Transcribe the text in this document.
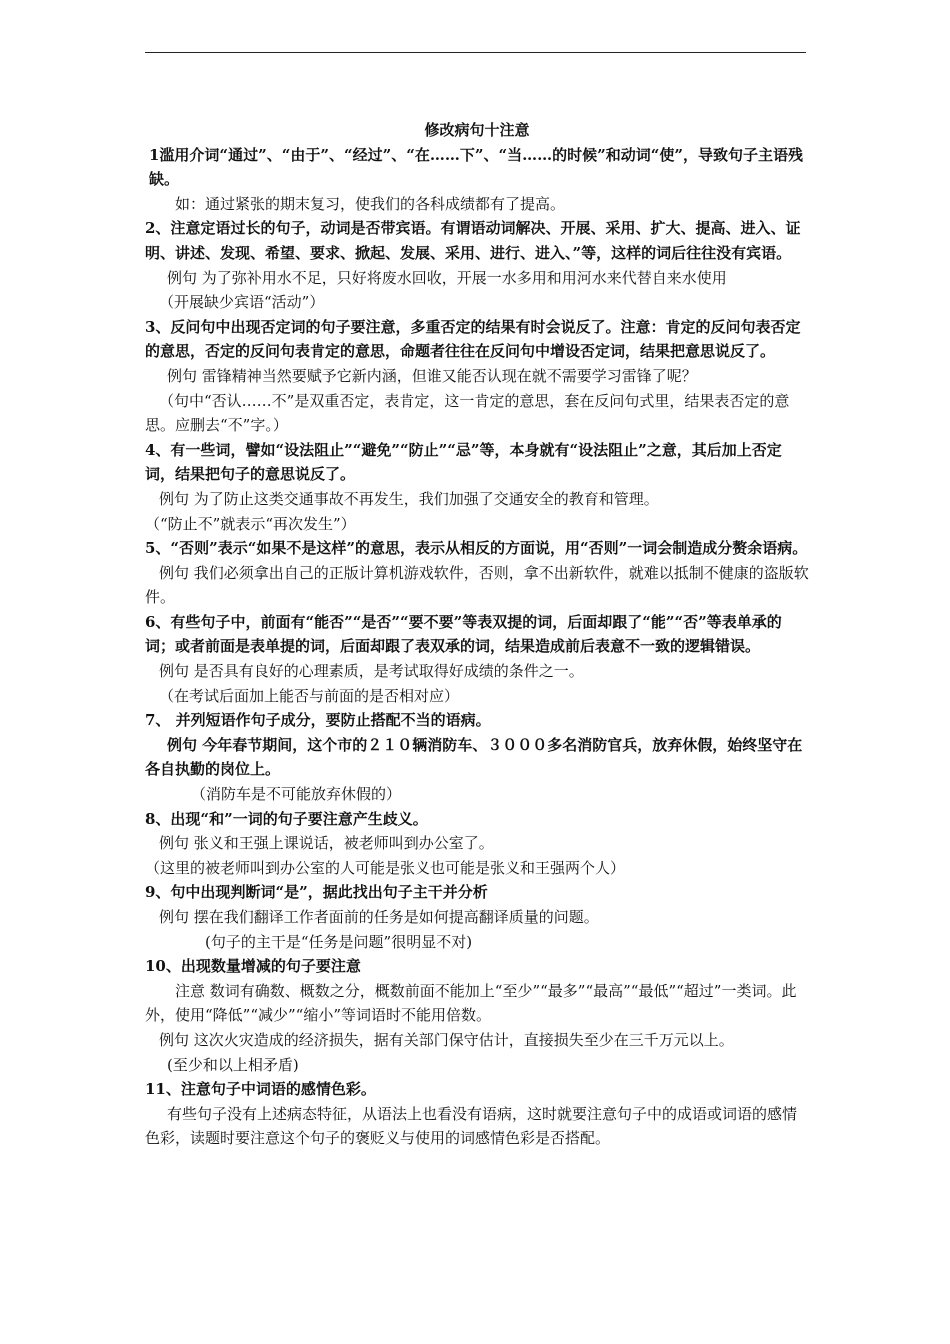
修改病句十注意

1滥用介词“通过”、“由于”、“经过”、“在……下”、“当……的时候”和动词“使”，导致句子主语残缺。

如：通过紧张的期末复习，使我们的各科成绩都有了提高。

2、注意定语过长的句子，动词是否带宾语。有谓语动词解决、开展、采用、扩大、提高、进入、证明、讲述、发现、希望、要求、掀起、发展、采用、进行、进入、”等，这样的词后往往没有宾语。

例句 为了弥补用水不足，只好将废水回收，开展一水多用和用河水来代替自来水使用

（开展缺少宾语“活动”）

3、反问句中出现否定词的句子要注意，多重否定的结果有时会说反了。注意：肯定的反问句表否定的意思，否定的反问句表肯定的意思，命题者往往在反问句中增设否定词，结果把意思说反了。

例句 雷锋精神当然要赋予它新内涵，但谁又能否认现在就不需要学习雷锋了呢？

（句中“否认……不”是双重否定，表肯定，这一肯定的意思，套在反问句式里，结果表否定的意思。应删去“不”字。）

4、有一些词，譬如“设法阻止”“避免”“防止”“忌”等，本身就有“设法阻止”之意，其后加上否定词，结果把句子的意思说反了。

例句 为了防止这类交通事故不再发生，我们加强了交通安全的教育和管理。

（“防止不”就表示“再次发生”）

5、“否则”表示“如果不是这样”的意思，表示从相反的方面说，用“否则”一词会制造成分赘余语病。

例句 我们必须拿出自己的正版计算机游戏软件，否则，拿不出新软件，就难以抵制不健康的盗版软件。

6、有些句子中，前面有“能否”“是否”“要不要”等表双提的词，后面却跟了“能”“否”等表单承的词；或者前面是表单提的词，后面却跟了表双承的词，结果造成前后表意不一致的逻辑错误。

例句 是否具有良好的心理素质，是考试取得好成绩的条件之一。

（在考试后面加上能否与前面的是否相对应）

7、 并列短语作句子成分，要防止搭配不当的语病。

例句 今年春节期间，这个市的２１０辆消防车、３０００多名消防官兵，放弃休假，始终坚守在各自执勤的岗位上。

（消防车是不可能放弃休假的）

8、出现“和”一词的句子要注意产生歧义。

例句 张义和王强上课说话，被老师叫到办公室了。

（这里的被老师叫到办公室的人可能是张义也可能是张义和王强两个人）

9、句中出现判断词“是”，据此找出句子主干并分析

例句 摆在我们翻译工作者面前的任务是如何提高翻译质量的问题。

(句子的主干是“任务是问题”很明显不对)

10、出现数量增减的句子要注意

注意 数词有确数、概数之分，概数前面不能加上“至少”“最多”“最高”“最低”“超过”一类词。此外，使用“降低”“减少”“缩小”等词语时不能用倍数。

例句 这次火灾造成的经济损失，据有关部门保守估计，直接损失至少在三千万元以上。

(至少和以上相矛盾)

11、注意句子中词语的感情色彩。

有些句子没有上述病态特征，从语法上也看没有语病，这时就要注意句子中的成语或词语的感情色彩，读题时要注意这个句子的褒贬义与使用的词感情色彩是否搭配。
